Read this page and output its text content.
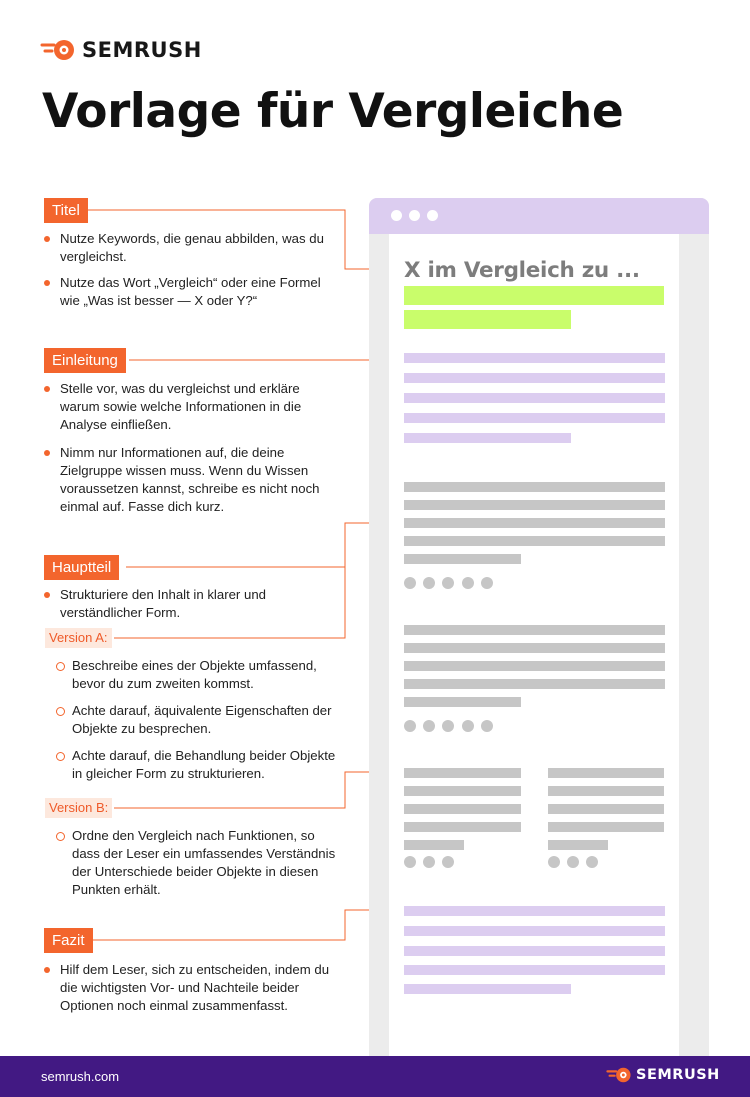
SEMRUSH
Vorlage für Vergleiche
Titel

Nutze Keywords, die genau abbilden, was du vergleichst.

Nutze das Wort „Vergleich“ oder eine Formel wie „Was ist besser — X oder Y?“

Einleitung

Stelle vor, was du vergleichst und erkläre warum sowie welche Informationen in die Analyse einfließen.

Nimm nur Informationen auf, die deine Zielgruppe wissen muss. Wenn du Wissen voraussetzen kannst, schreibe es nicht noch einmal auf. Fasse dich kurz.

Hauptteil

Strukturiere den Inhalt in klarer und verständlicher Form.

Version A:

Beschreibe eines der Objekte umfassend, bevor du zum zweiten kommst.

Achte darauf, äquivalente Eigenschaften der Objekte zu besprechen.

Achte darauf, die Behandlung beider Objekte in gleicher Form zu strukturieren.

Version B:

Ordne den Vergleich nach Funktionen, so dass der Leser ein umfassendes Verständnis der Unterschiede beider Objekte in diesen Punkten erhält.

Fazit

Hilf dem Leser, sich zu entscheiden, indem du die wichtigsten Vor- und Nachteile beider Optionen noch einmal zusammenfasst.

X im Vergleich zu ...
semrush.com	SEMRUSH
